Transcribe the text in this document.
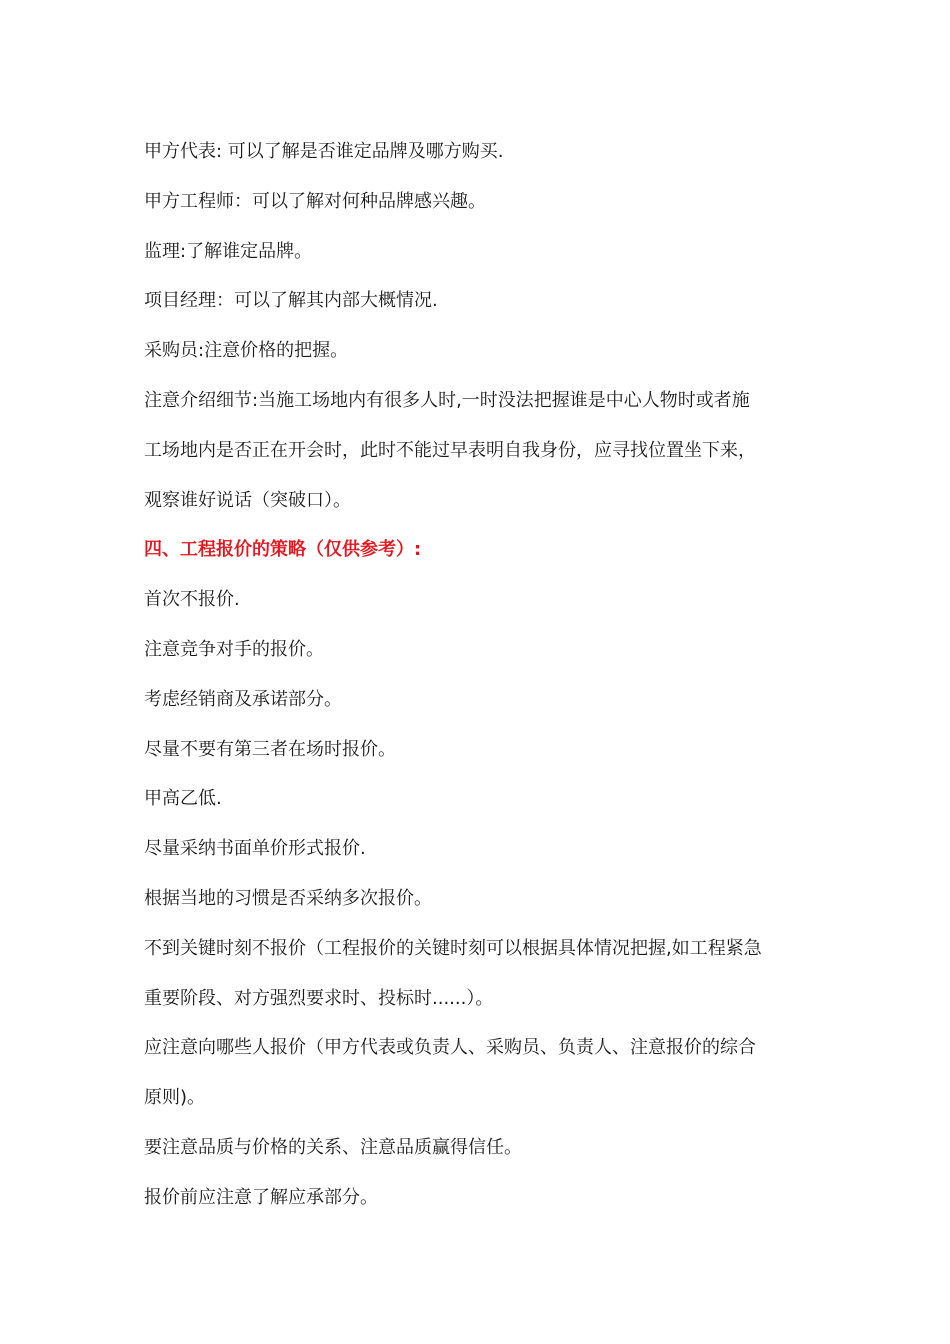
甲方代表: 可以了解是否谁定品牌及哪方购买.
甲方工程师：可以了解对何种品牌感兴趣。
监理:了解谁定品牌。
项目经理：可以了解其内部大概情况.
采购员:注意价格的把握。
注意介绍细节:当施工场地内有很多人时,一时没法把握谁是中心人物时或者施
工场地内是否正在开会时，此时不能过早表明自我身份，应寻找位置坐下来，
观察谁好说话（突破口）。
四、工程报价的策略（仅供参考）:
首次不报价.
注意竞争对手的报价。
考虑经销商及承诺部分。
尽量不要有第三者在场时报价。
甲高乙低.
尽量采纳书面单价形式报价.
根据当地的习惯是否采纳多次报价。
不到关键时刻不报价（工程报价的关键时刻可以根据具体情况把握,如工程紧急
重要阶段、对方强烈要求时、投标时......）。
应注意向哪些人报价（甲方代表或负责人、采购员、负责人、注意报价的综合
原则)。
要注意品质与价格的关系、注意品质赢得信任。
报价前应注意了解应承部分。
